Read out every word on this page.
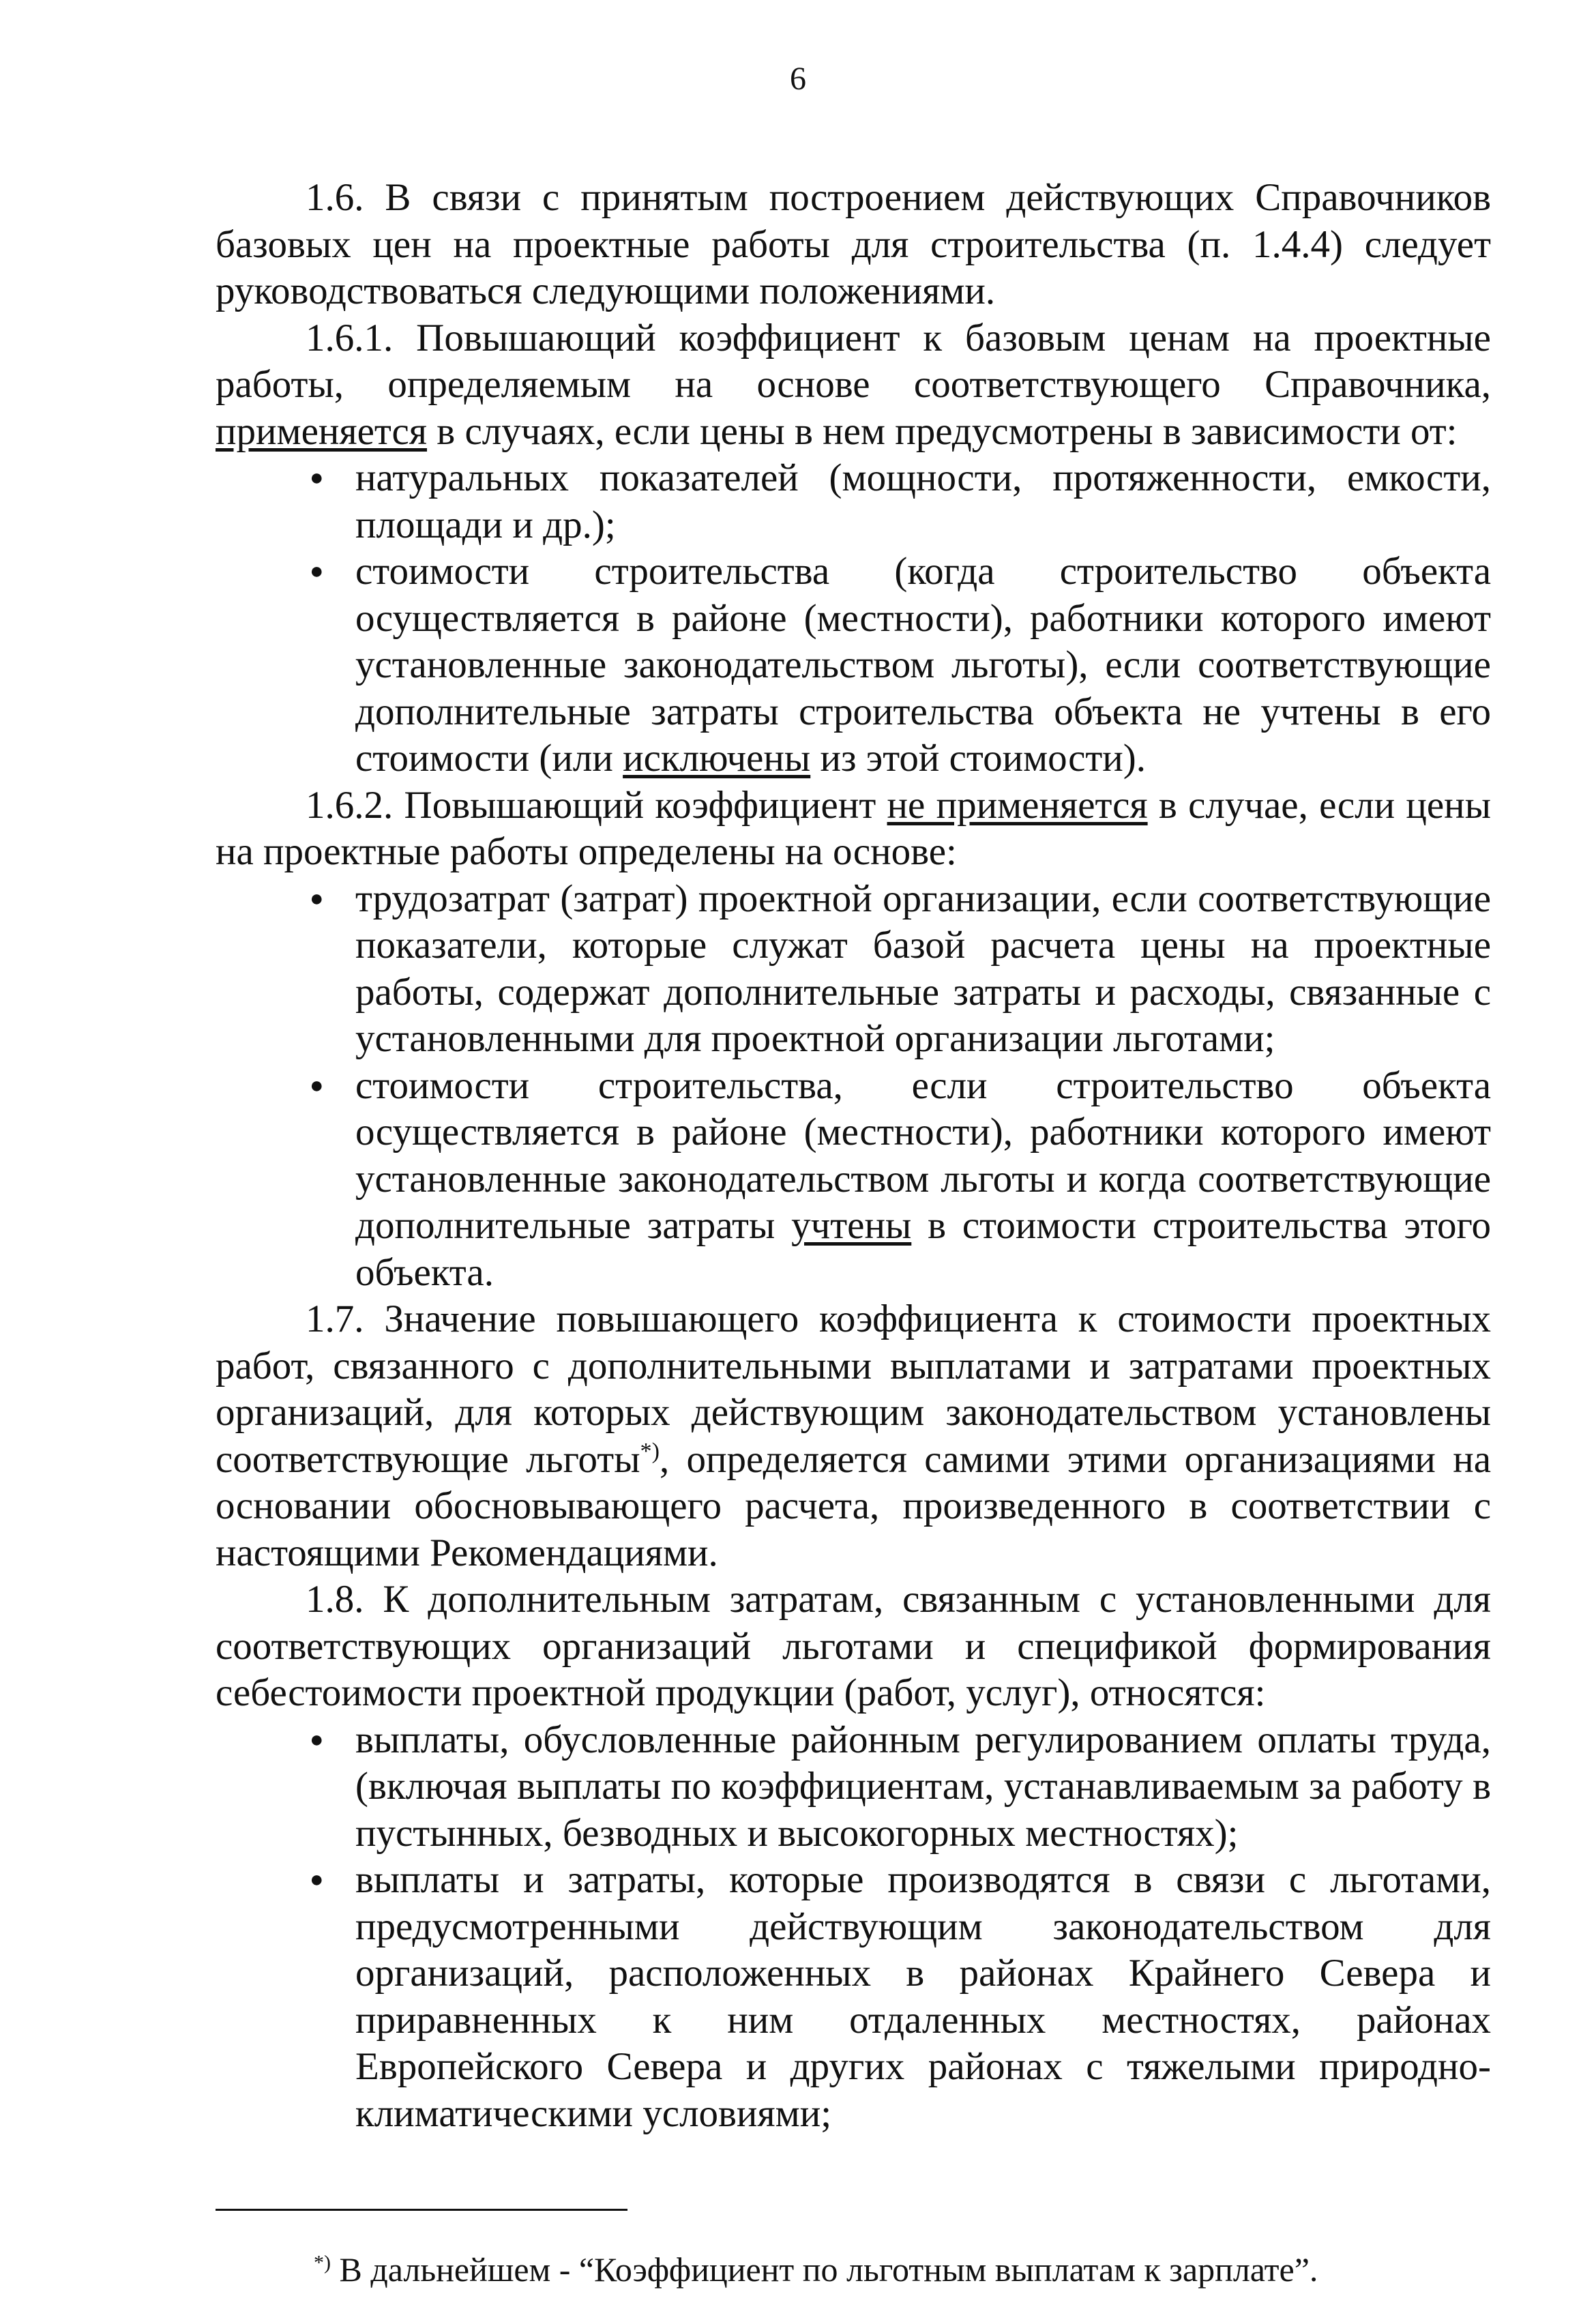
6

1.6. В связи с принятым построением действующих Справочников базовых цен на проектные работы для строительства (п. 1.4.4) следует руководствоваться следующими положениями.

1.6.1. Повышающий коэффициент к базовым ценам на проектные работы, определяемым на основе соответствующего Справочника, применяется в случаях, если цены в нем предусмотрены в зависимости от:

● натуральных показателей (мощности, протяженности, емкости, площади и др.);
● стоимости строительства (когда строительство объекта осуществляется в районе (местности), работники которого имеют установленные законодательством льготы), если соответствующие дополнительные затраты строительства объекта не учтены в его стоимости (или исключены из этой стоимости).

1.6.2. Повышающий коэффициент не применяется в случае, если цены на проектные работы определены на основе:

● трудозатрат (затрат) проектной организации, если соответствующие показатели, которые служат базой расчета цены на проектные работы, содержат дополнительные затраты и расходы, связанные с установленными для проектной организации льготами;
● стоимости строительства, если строительство объекта осуществляется в районе (местности), работники которого имеют установленные законодательством льготы и когда соответствующие дополнительные затраты учтены в стоимости строительства этого объекта.

1.7. Значение повышающего коэффициента к стоимости проектных работ, связанного с дополнительными выплатами и затратами проектных организаций, для которых действующим законодательством установлены соответствующие льготы*), определяется самими этими организациями на основании обосновывающего расчета, произведенного в соответствии с настоящими Рекомендациями.

1.8. К дополнительным затратам, связанным с установленными для соответствующих организаций льготами и спецификой формирования себестоимости проектной продукции (работ, услуг), относятся:

● выплаты, обусловленные районным регулированием оплаты труда, (включая выплаты по коэффициентам, устанавливаемым за работу в пустынных, безводных и высокогорных местностях);
● выплаты и затраты, которые производятся в связи с льготами, предусмотренными действующим законодательством для организаций, расположенных в районах Крайнего Севера и приравненных к ним отдаленных местностях, районах Европейского Севера и других районах с тяжелыми природно-климатическими условиями;
*) В дальнейшем - “Коэффициент по льготным выплатам к зарплате”.
